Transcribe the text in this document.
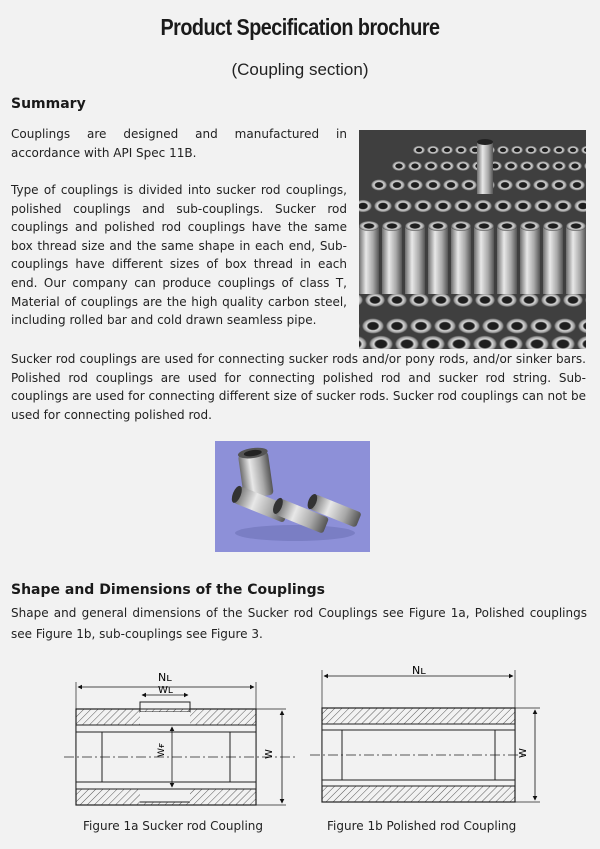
Product Specification brochure
(Coupling section)
Summary
Couplings are designed and manufactured in accordance with API Spec 11B.
Type of couplings is divided into sucker rod couplings, polished couplings and sub-couplings. Sucker rod couplings and polished rod couplings have the same box thread size and the same shape in each end, Sub-couplings have different sizes of box thread in each end. Our company can produce couplings of class T, Material of couplings are the high quality carbon steel, including rolled bar and cold drawn seamless pipe.
Sucker rod couplings are used for connecting sucker rods and/or pony rods, and/or sinker bars. Polished rod couplings are used for connecting polished rod and sucker rod string. Sub-couplings are used for connecting different size of sucker rods. Sucker rod couplings can not be used for connecting polished rod.
Shape and Dimensions of the Couplings
Shape and general dimensions of the Sucker rod Couplings see Figure 1a, Polished couplings see Figure 1b, sub-couplings see Figure 3.
Nʟ
Wʟ
Wғ	W
Nʟ
W
Figure 1a Sucker rod Coupling	Figure 1b Polished rod Coupling
